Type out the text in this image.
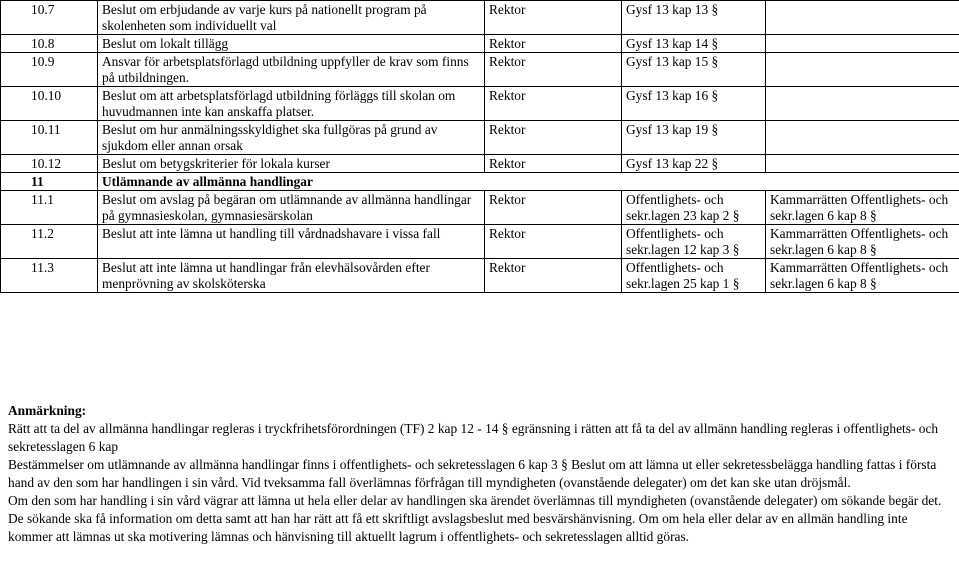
10.7	Beslut om erbjudande av varje kurs på nationellt program på skolenheten som individuellt val	Rektor	Gysf 13 kap 13 §	
10.8	Beslut om lokalt tillägg	Rektor	Gysf 13 kap 14 §	
10.9	Ansvar för arbetsplatsförlagd utbildning uppfyller de krav som finns på utbildningen.	Rektor	Gysf 13 kap 15 §	
10.10	Beslut om att arbetsplatsförlagd utbildning förläggs till skolan om huvudmannen inte kan anskaffa platser.	Rektor	Gysf 13 kap 16 §	
10.11	Beslut om hur anmälningsskyldighet ska fullgöras på grund av sjukdom eller annan orsak	Rektor	Gysf 13 kap 19 §	
10.12	Beslut om betygskriterier för lokala kurser	Rektor	Gysf 13 kap 22 §	
11	Utlämnande av allmänna handlingar			
11.1	Beslut om avslag på begäran om utlämnande av allmänna handlingar på gymnasieskolan, gymnasiesärskolan	Rektor	Offentlighets- och sekr.lagen 23 kap 2 §	Kammarrätten Offentlighets- och sekr.lagen 6 kap 8 §
11.2	Beslut att inte lämna ut handling till vårdnadshavare i vissa fall	Rektor	Offentlighets- och sekr.lagen 12 kap 3 §	Kammarrätten Offentlighets- och sekr.lagen 6 kap 8 §
11.3	Beslut att inte lämna ut handlingar från elevhälsovården efter menprövning av skolsköterska	Rektor	Offentlighets- och sekr.lagen 25 kap 1 §	Kammarrätten Offentlighets- och sekr.lagen 6 kap 8 §
Anmärkning:

Rätt att ta del av allmänna handlingar regleras i tryckfrihetsförordningen (TF) 2 kap 12 - 14 § egränsning i rätten att få ta del av allmänn handling regleras i offentlighets- och sekretesslagen 6 kap

Bestämmelser om utlämnande av allmänna handlingar finns i offentlighets- och sekretesslagen 6 kap 3 § Beslut om att lämna ut eller sekretessbelägga handling fattas i första hand av den som har handlingen i sin vård. Vid tveksamma fall överlämnas förfrågan till myndigheten (ovanstående delegater) om det kan ske utan dröjsmål.

Om den som har handling i sin vård vägrar att lämna ut hela eller delar av handlingen ska ärendet överlämnas till myndigheten (ovanstående delegater) om sökande begär det. De sökande ska få information om detta samt att han har rätt att få ett skriftligt avslagsbeslut med besvärshänvisning. Om om hela eller delar av en allmän handling inte kommer att lämnas ut ska motivering lämnas och hänvisning till aktuellt lagrum i offentlighets- och sekretesslagen alltid göras.
